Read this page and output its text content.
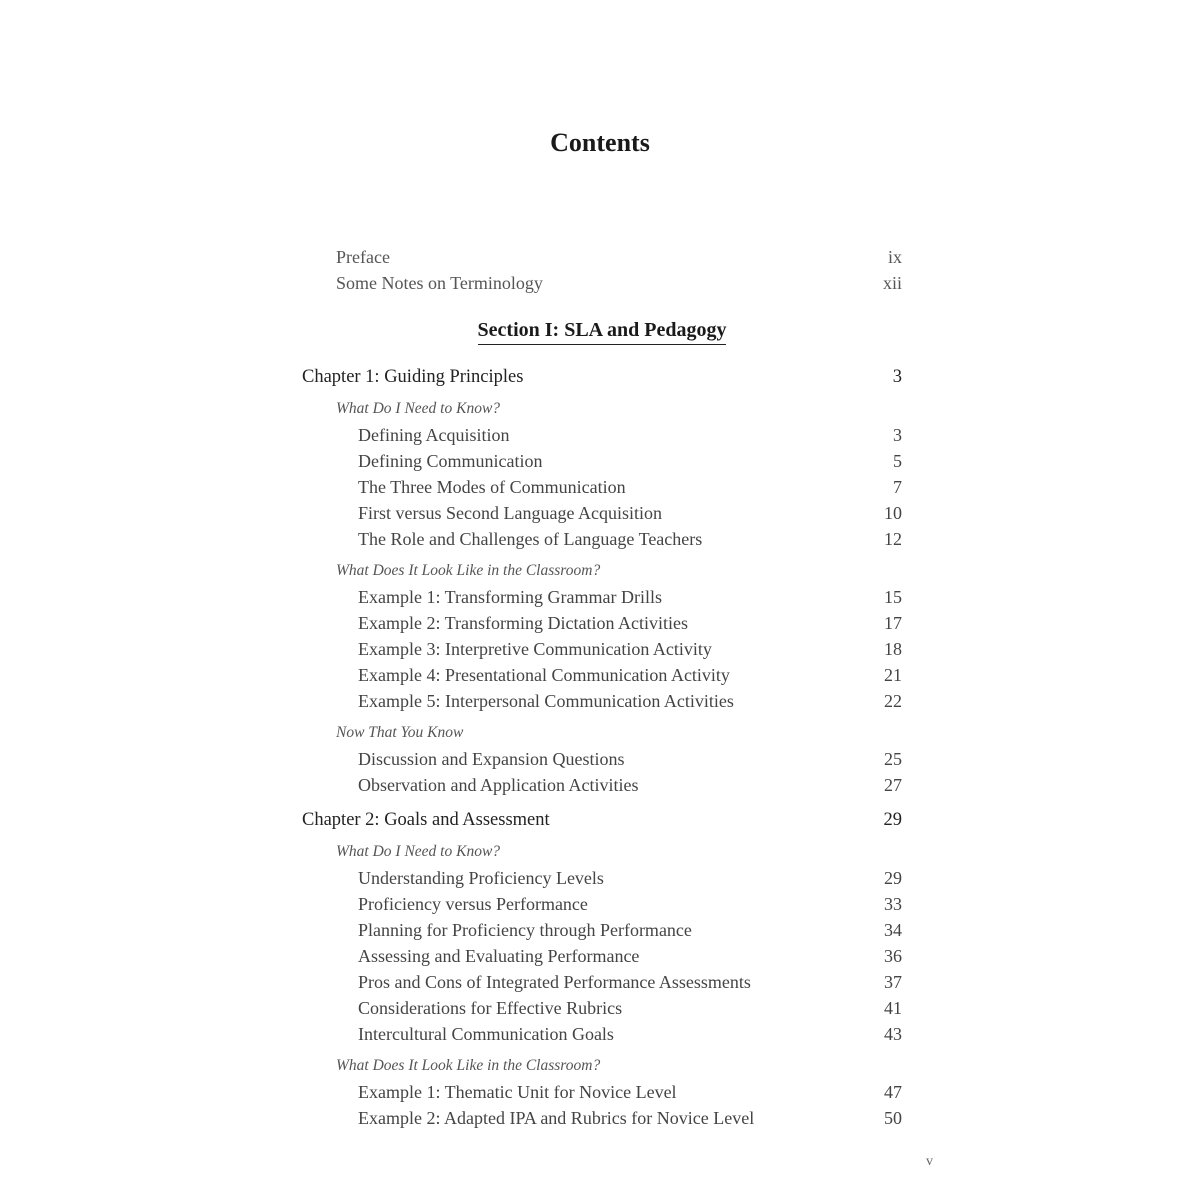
Contents
Preface	ix
Some Notes on Terminology	xii
Section I: SLA and Pedagogy
Chapter 1: Guiding Principles	3
What Do I Need to Know?
Defining Acquisition	3
Defining Communication	5
The Three Modes of Communication	7
First versus Second Language Acquisition	10
The Role and Challenges of Language Teachers	12
What Does It Look Like in the Classroom?
Example 1: Transforming Grammar Drills	15
Example 2: Transforming Dictation Activities	17
Example 3: Interpretive Communication Activity	18
Example 4: Presentational Communication Activity	21
Example 5: Interpersonal Communication Activities	22
Now That You Know
Discussion and Expansion Questions	25
Observation and Application Activities	27
Chapter 2: Goals and Assessment	29
What Do I Need to Know?
Understanding Proficiency Levels	29
Proficiency versus Performance	33
Planning for Proficiency through Performance	34
Assessing and Evaluating Performance	36
Pros and Cons of Integrated Performance Assessments	37
Considerations for Effective Rubrics	41
Intercultural Communication Goals	43
What Does It Look Like in the Classroom?
Example 1: Thematic Unit for Novice Level	47
Example 2: Adapted IPA and Rubrics for Novice Level	50
v
